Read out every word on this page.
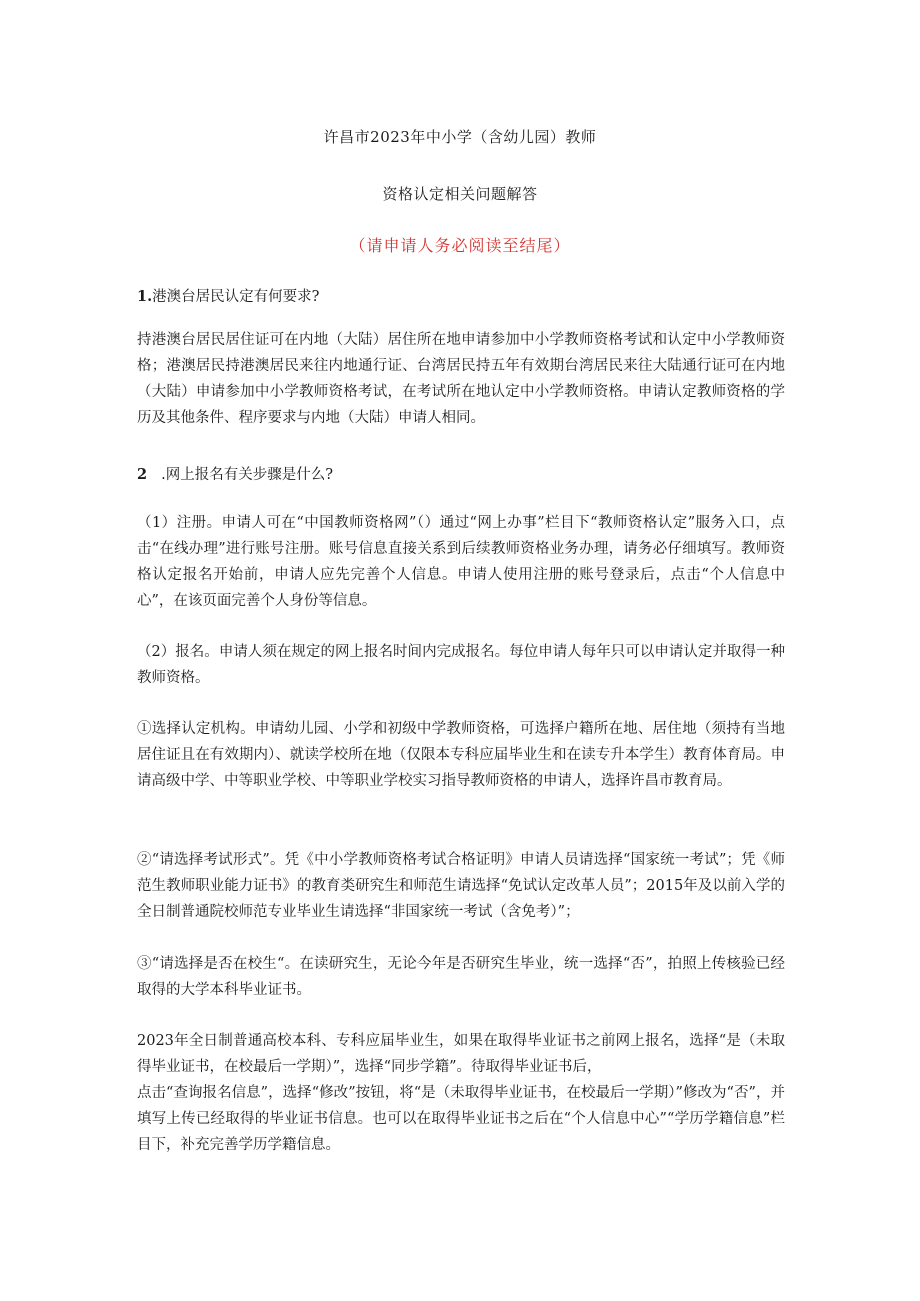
许昌市2023年中小学（含幼儿园）教师
资格认定相关问题解答
（请申请人务必阅读至结尾）
1.港澳台居民认定有何要求?
持港澳台居民居住证可在内地（大陆）居住所在地申请参加中小学教师资格考试和认定中小学教师资格；港澳居民持港澳居民来往内地通行证、台湾居民持五年有效期台湾居民来往大陆通行证可在内地（大陆）申请参加中小学教师资格考试，在考试所在地认定中小学教师资格。申请认定教师资格的学历及其他条件、程序要求与内地（大陆）申请人相同。
2 .网上报名有关步骤是什么?
（1）注册。申请人可在“中国教师资格网”（）通过“网上办事”栏目下“教师资格认定”服务入口，点击“在线办理”进行账号注册。账号信息直接关系到后续教师资格业务办理，请务必仔细填写。教师资格认定报名开始前，申请人应先完善个人信息。申请人使用注册的账号登录后，点击“个人信息中心”，在该页面完善个人身份等信息。
（2）报名。申请人须在规定的网上报名时间内完成报名。每位申请人每年只可以申请认定并取得一种教师资格。
①选择认定机构。申请幼儿园、小学和初级中学教师资格，可选择户籍所在地、居住地（须持有当地居住证且在有效期内）、就读学校所在地（仅限本专科应届毕业生和在读专升本学生）教育体育局。申请高级中学、中等职业学校、中等职业学校实习指导教师资格的申请人，选择许昌市教育局。
②“请选择考试形式”。凭《中小学教师资格考试合格证明》申请人员请选择“国家统一考试”；凭《师范生教师职业能力证书》的教育类研究生和师范生请选择“免试认定改革人员”；2015年及以前入学的全日制普通院校师范专业毕业生请选择“非国家统一考试（含免考）”；
③“请选择是否在校生“。在读研究生，无论今年是否研究生毕业，统一选择“否”，拍照上传核验已经取得的大学本科毕业证书。
2023年全日制普通高校本科、专科应届毕业生，如果在取得毕业证书之前网上报名，选择“是（未取得毕业证书，在校最后一学期）”，选择“同步学籍”。待取得毕业证书后，
点击“查询报名信息”，选择“修改”按钮，将“是（未取得毕业证书，在校最后一学期）”修改为“否”，并填写上传已经取得的毕业证书信息。也可以在取得毕业证书之后在“个人信息中心”“学历学籍信息”栏目下，补充完善学历学籍信息。
